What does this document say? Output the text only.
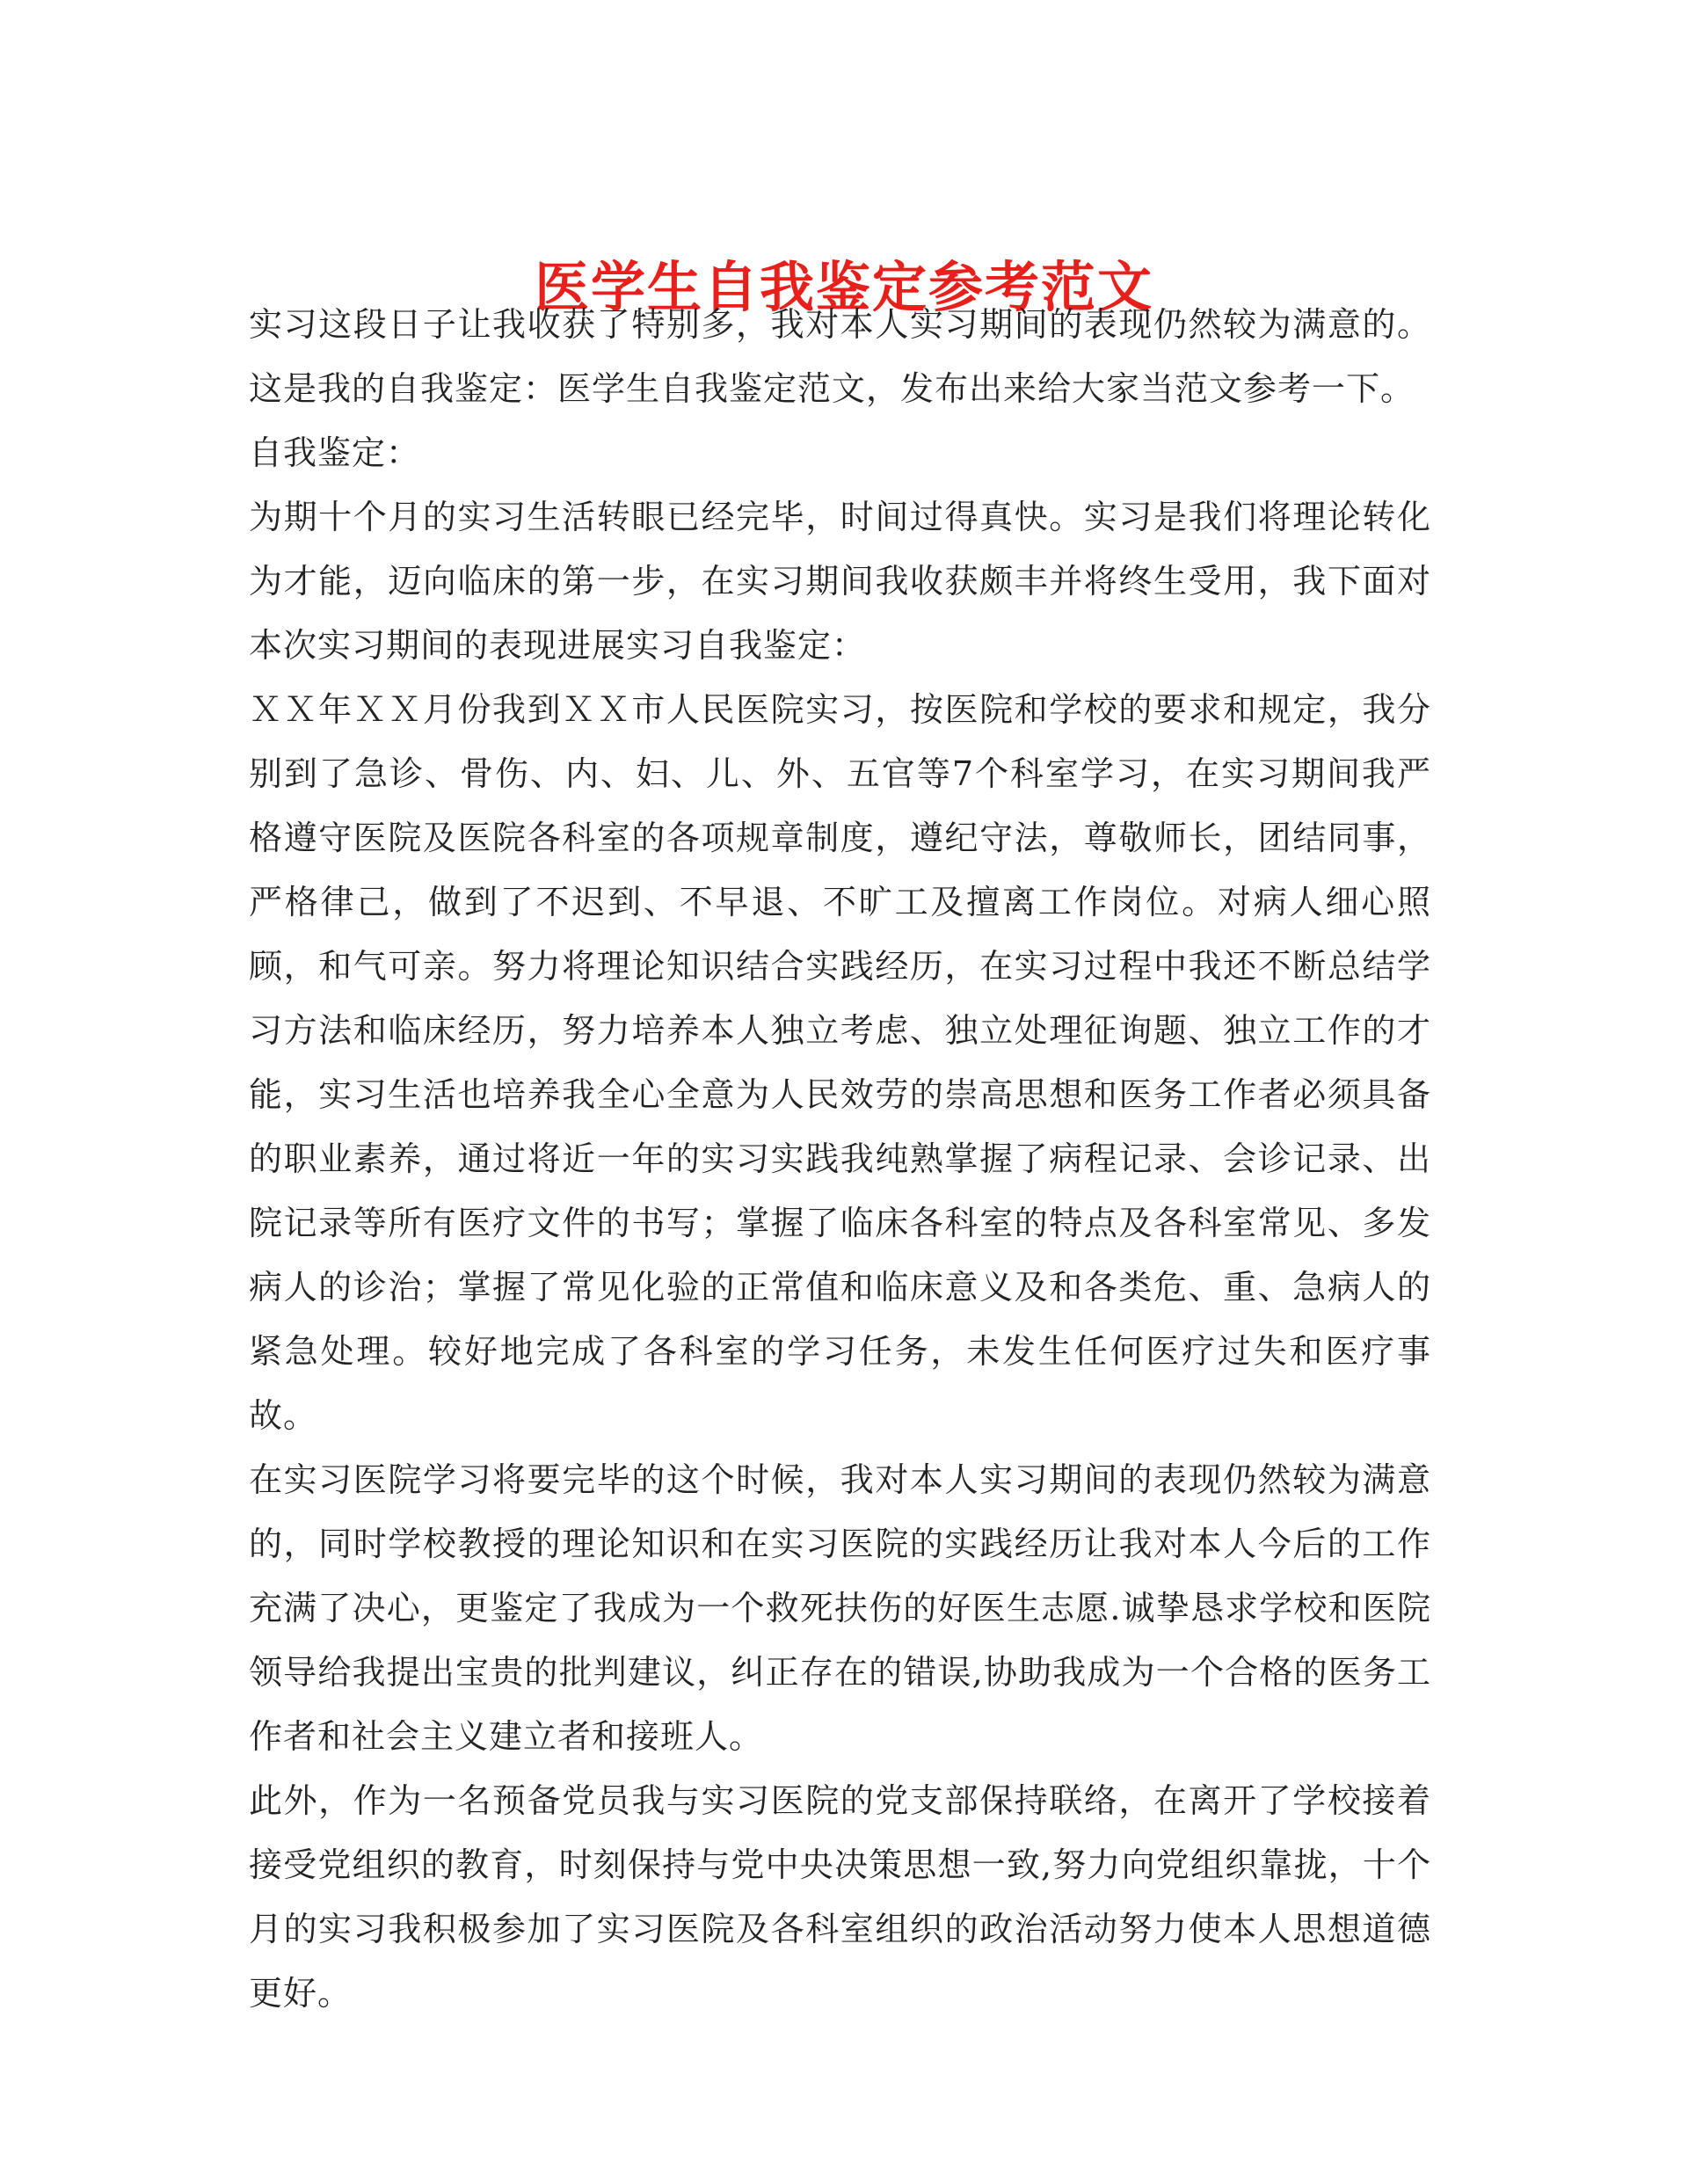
医学生自我鉴定参考范文

实习这段日子让我收获了特别多，我对本人实习期间的表现仍然较为满意的。这是我的自我鉴定：医学生自我鉴定范文，发布出来给大家当范文参考一下。

自我鉴定：

为期十个月的实习生活转眼已经完毕，时间过得真快。实习是我们将理论转化为才能，迈向临床的第一步，在实习期间我收获颇丰并将终生受用，我下面对本次实习期间的表现进展实习自我鉴定：

ＸＸ年ＸＸ月份我到ＸＸ市人民医院实习，按医院和学校的要求和规定，我分别到了急诊、骨伤、内、妇、儿、外、五官等7个科室学习，在实习期间我严格遵守医院及医院各科室的各项规章制度，遵纪守法，尊敬师长，团结同事，严格律己，做到了不迟到、不早退、不旷工及擅离工作岗位。对病人细心照顾，和气可亲。努力将理论知识结合实践经历，在实习过程中我还不断总结学习方法和临床经历，努力培养本人独立考虑、独立处理征询题、独立工作的才能，实习生活也培养我全心全意为人民效劳的崇高思想和医务工作者必须具备的职业素养，通过将近一年的实习实践我纯熟掌握了病程记录、会诊记录、出院记录等所有医疗文件的书写；掌握了临床各科室的特点及各科室常见、多发病人的诊治；掌握了常见化验的正常值和临床意义及和各类危、重、急病人的紧急处理。较好地完成了各科室的学习任务，未发生任何医疗过失和医疗事故。

在实习医院学习将要完毕的这个时候，我对本人实习期间的表现仍然较为满意的，同时学校教授的理论知识和在实习医院的实践经历让我对本人今后的工作充满了决心，更鉴定了我成为一个救死扶伤的好医生志愿.诚挚恳求学校和医院领导给我提出宝贵的批判建议，纠正存在的错误,协助我成为一个合格的医务工作者和社会主义建立者和接班人。

此外，作为一名预备党员我与实习医院的党支部保持联络，在离开了学校接着接受党组织的教育，时刻保持与党中央决策思想一致,努力向党组织靠拢，十个月的实习我积极参加了实习医院及各科室组织的政治活动努力使本人思想道德更好。
